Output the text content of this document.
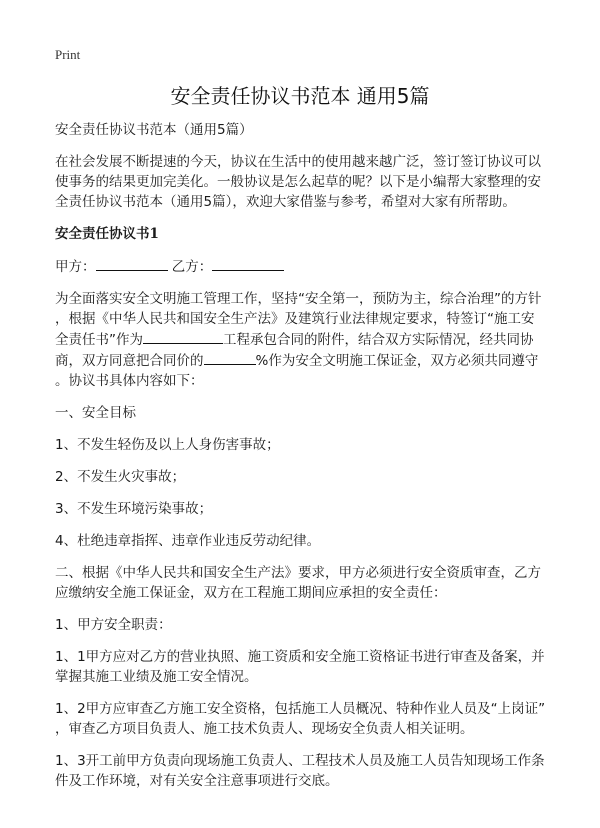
Print
安全责任协议书范本 通用5篇

安全责任协议书范本（通用5篇）

在社会发展不断提速的今天，协议在生活中的使用越来越广泛，签订签订协议可以
使事务的结果更加完美化。一般协议是怎么起草的呢？以下是小编帮大家整理的安
全责任协议书范本（通用5篇），欢迎大家借鉴与参考，希望对大家有所帮助。

安全责任协议书1

甲方：	乙方：

为全面落实安全文明施工管理工作，坚持“安全第一，预防为主，综合治理”的方针
，根据《中华人民共和国安全生产法》及建筑行业法律规定要求，特签订“施工安
全责任书”作为	工程承包合同的附件，结合双方实际情况，经共同协
商，双方同意把合同价的	%作为安全文明施工保证金，双方必须共同遵守
。协议书具体内容如下：

一、安全目标

1、不发生轻伤及以上人身伤害事故；

2、不发生火灾事故；

3、不发生环境污染事故；

4、杜绝违章指挥、违章作业违反劳动纪律。

二、根据《中华人民共和国安全生产法》要求，甲方必须进行安全资质审查，乙方
应缴纳安全施工保证金，双方在工程施工期间应承担的安全责任：

1、甲方安全职责：

1、1甲方应对乙方的营业执照、施工资质和安全施工资格证书进行审查及备案，并
掌握其施工业绩及施工安全情况。

1、2甲方应审查乙方施工安全资格，包括施工人员概况、特种作业人员及“上岗证”
，审查乙方项目负责人、施工技术负责人、现场安全负责人相关证明。

1、3开工前甲方负责向现场施工负责人、工程技术人员及施工人员告知现场工作条
件及工作环境，对有关安全注意事项进行交底。
